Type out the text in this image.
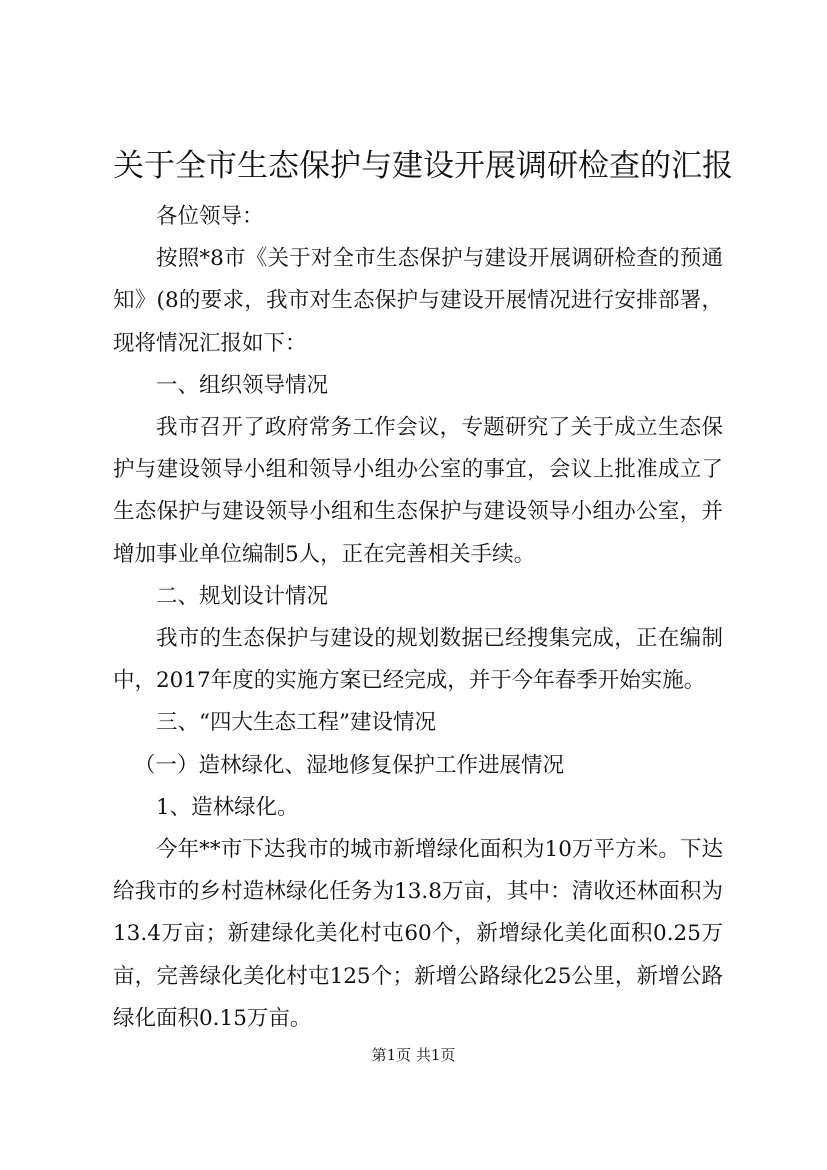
关于全市生态保护与建设开展调研检查的汇报

各位领导：

按照*8市《关于对全市生态保护与建设开展调研检查的预通知》(8的要求，我市对生态保护与建设开展情况进行安排部署，现将情况汇报如下：

一、组织领导情况

我市召开了政府常务工作会议，专题研究了关于成立生态保护与建设领导小组和领导小组办公室的事宜，会议上批准成立了生态保护与建设领导小组和生态保护与建设领导小组办公室，并增加事业单位编制5人，正在完善相关手续。

二、规划设计情况

我市的生态保护与建设的规划数据已经搜集完成，正在编制中，2017年度的实施方案已经完成，并于今年春季开始实施。

三、“四大生态工程”建设情况

（一）造林绿化、湿地修复保护工作进展情况

1、造林绿化。

今年**市下达我市的城市新增绿化面积为10万平方米。下达给我市的乡村造林绿化任务为13.8万亩，其中：清收还林面积为13.4万亩；新建绿化美化村屯60个，新增绿化美化面积0.25万亩，完善绿化美化村屯125个；新增公路绿化25公里，新增公路绿化面积0.15万亩。

第1页 共1页
